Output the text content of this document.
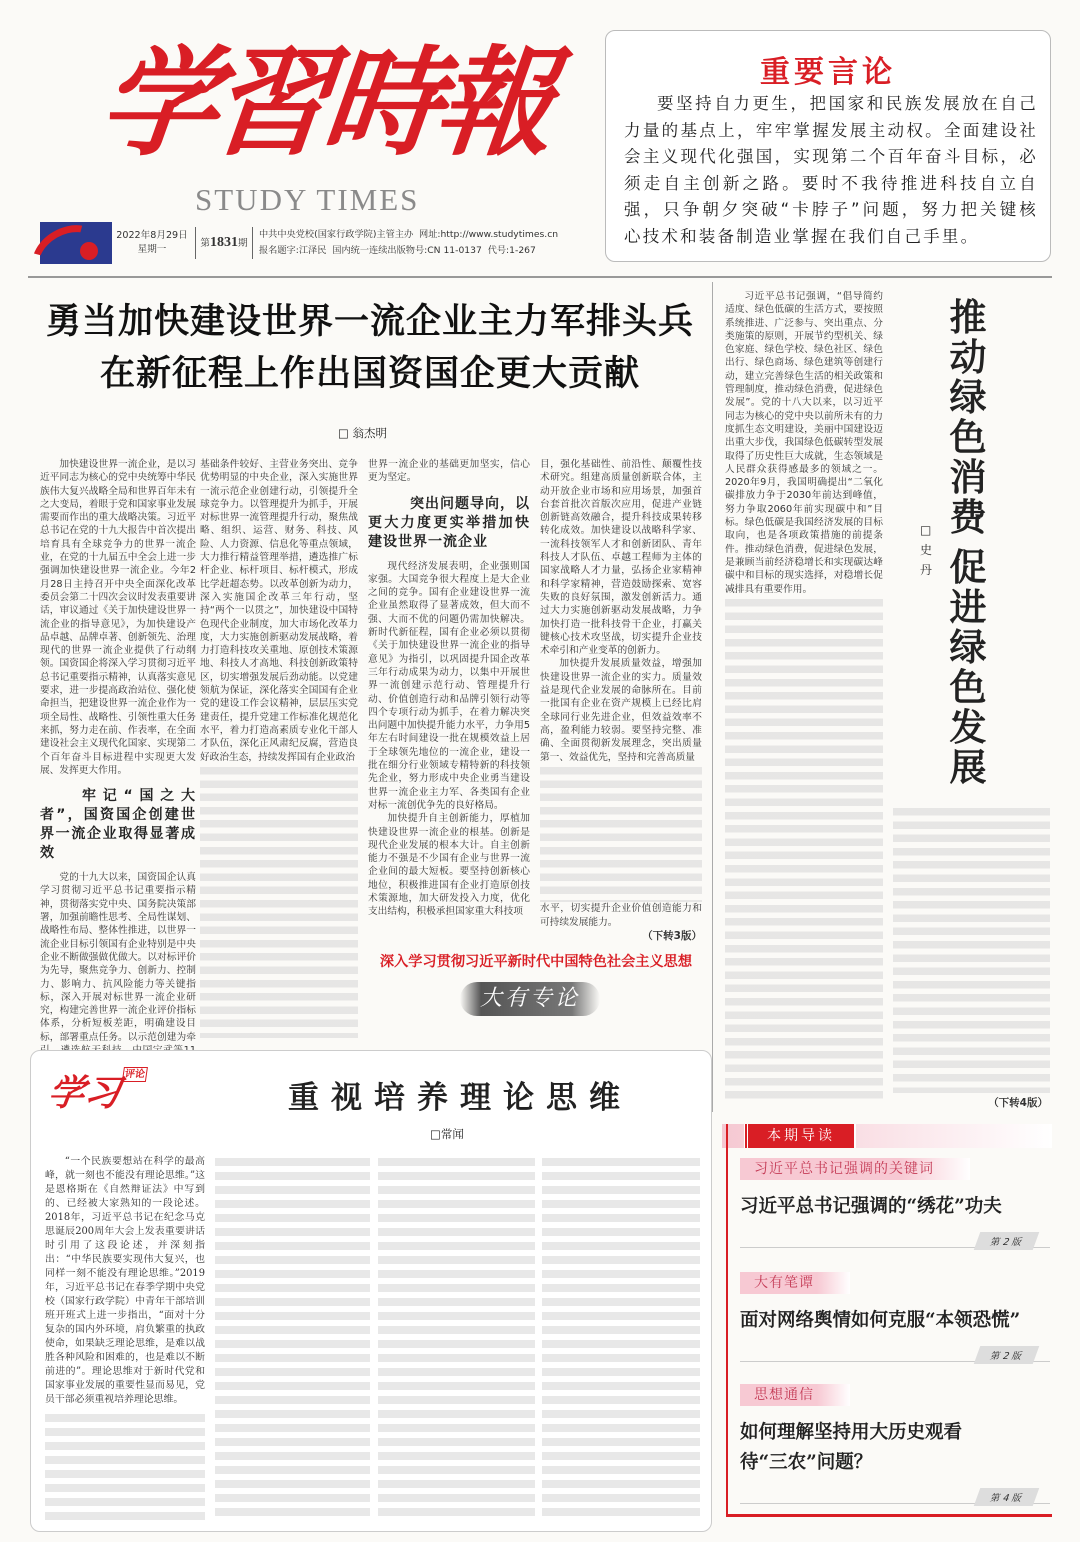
学習時報
STUDY TIMES
2022年8月29日
星期一
第1831期
中共中央党校(国家行政学院)主管主办 网址:http://www.studytimes.cn
报名题字:江泽民 国内统一连续出版物号:CN 11-0137 代号:1-267
重要言论
要坚持自力更生，把国家和民族发展放在自己力量的基点上，牢牢掌握发展主动权。全面建设社会主义现代化强国，实现第二个百年奋斗目标，必须走自主创新之路。要时不我待推进科技自立自强，只争朝夕突破“卡脖子”问题，努力把关键核心技术和装备制造业掌握在我们自己手里。
勇当加快建设世界一流企业主力军排头兵
在新征程上作出国资国企更大贡献
□ 翁杰明

加快建设世界一流企业，是以习近平同志为核心的党中央统筹中华民族伟大复兴战略全局和世界百年未有之大变局，着眼于党和国家事业发展需要而作出的重大战略决策。习近平总书记在党的十九大报告中首次提出培育具有全球竞争力的世界一流企业，在党的十九届五中全会上进一步强调加快建设世界一流企业。今年2月28日主持召开中央全面深化改革委员会第二十四次会议时发表重要讲话，审议通过《关于加快建设世界一流企业的指导意见》，为加快建设产品卓越、品牌卓著、创新领先、治理现代的世界一流企业提供了行动纲领。国资国企将深入学习贯彻习近平总书记重要指示精神，认真落实意见要求，进一步提高政治站位、强化使命担当，把建设世界一流企业作为一项全局性、战略性、引领性重大任务来抓，努力走在前、作表率，在全面建设社会主义现代化国家、实现第二个百年奋斗目标进程中实现更大发展、发挥更大作用。

牢记“国之大者”，国资国企创建世界一流企业取得显著成效

党的十九大以来，国资国企认真学习贯彻习近平总书记重要指示精神，贯彻落实党中央、国务院决策部署，加强前瞻性思考、全局性谋划、战略性布局、整体性推进，以世界一流企业目标引领国有企业特别是中央企业不断做强做优做大。以对标评价为先导，聚焦竞争力、创新力、控制力、影响力、抗风险能力等关键指标，深入开展对标世界一流企业研究，构建完善世界一流企业评价指标体系，分析短板差距，明确建设目标，部署重点任务。以示范创建为牵

基础条件较好、主营业务突出、竞争优势明显的中央企业，深入实施世界一流示范企业创建行动，引领提升全球竞争力。以管理提升为抓手，开展对标世界一流管理提升行动，聚焦战略、组织、运营、财务、科技、风险、人力资源、信息化等重点领域，大力推行精益管理举措，遴选推广标杆企业、标杆项目、标杆模式，形成比学赶超态势。以改革创新为动力，深入实施国企改革三年行动，坚持“两个一以贯之”，加快建设中国特色现代企业制度，加大市场化改革力度，大力实施创新驱动发展战略，着力打造科技攻关重地、原创技术策源地、科技人才高地、科技创新政策特区，切实增强发展后劲动能。以党建领航为保证，深化落实全国国有企业党的建设工作会议精神，层层压实党建责任，提升党建工作标准化规范化水平，着力打造高素质专业化干部人才队伍，深化正风肃纪反腐，营造良好政治生态，持续发挥国有企业政治

世界一流企业的基础更加坚实，信心更为坚定。

突出问题导向，以更大力度更实举措加快建设世界一流企业

现代经济发展表明，企业强则国家强。大国竞争很大程度上是大企业之间的竞争。国有企业建设世界一流企业虽然取得了显著成效，但大而不强、大而不优的问题仍需加快解决。新时代新征程，国有企业必须以贯彻《关于加快建设世界一流企业的指导意见》为指引，以巩固提升国企改革三年行动成果为动力，以集中开展世界一流创建示范行动、管理提升行动、价值创造行动和品牌引领行动等四个专项行动为抓手，在着力解决突出问题中加快提升能力水平，力争用5年左右时间建设一批在规模效益上居于全球领先地位的一流企业，建设一批在细分行业领域专精特新的科技领先企业，努力形成中央企业勇当建设世界一流企业主力军、各类国有企业对标一流创优争先的良好格局。

加快提升自主创新能力，厚植加快建设世界一流企业的根基。创新是现代企业发展的根本大计。自主创新能力不强是不少国有企业与世界一流企业间的最大短板。要坚持创新核心地位，积极推进国有企业打造原创技术策源地，加大研发投入力度，优化支出结构，积极承担国家重大科技项

目，强化基础性、前沿性、颠覆性技术研究。组建高质量创新联合体，主动开放企业市场和应用场景，加强首台套首批次首版次应用，促进产业链创新链高效融合，提升科技成果转移转化成效。加快建设以战略科学家、一流科技领军人才和创新团队、青年科技人才队伍、卓越工程师为主体的国家战略人才力量，弘扬企业家精神和科学家精神，营造鼓励探索、宽容失败的良好氛围，激发创新活力。通过大力实施创新驱动发展战略，力争加快打造一批科技骨干企业，打赢关键核心技术攻坚战，切实提升企业技术牵引和产业变革的创新力。

加快提升发展质量效益，增强加快建设世界一流企业的实力。质量效益是现代企业发展的命脉所在。目前一批国有企业在资产规模上已经比肩全球同行业先进企业，但效益效率不高，盈利能力较弱。要坚持完整、准确、全面贯彻新发展理念，突出质量第一、效益优先，坚持和完善高质量

水平，切实提升企业价值创造能力和可持续发展能力。

（下转3版）
深入学习贯彻习近平新时代中国特色社会主义思想
大有专论

习近平总书记强调，“倡导简约适度、绿色低碳的生活方式，要按照系统推进、广泛参与、突出重点、分类施策的原则，开展节约型机关、绿色家庭、绿色学校、绿色社区、绿色出行、绿色商场、绿色建筑等创建行动，建立完善绿色生活的相关政策和管理制度，推动绿色消费，促进绿色发展”。党的十八大以来，以习近平同志为核心的党中央以前所未有的力度抓生态文明建设，美丽中国建设迈出重大步伐，我国绿色低碳转型发展取得了历史性巨大成就，生态领域是人民群众获得感最多的领域之一。2020年9月，我国明确提出“二氧化碳排放力争于2030年前达到峰值，努力争取2060年前实现碳中和”目标。绿色低碳是我国经济发展的目标取向，也是各项政策措施的前提条件。推动绿色消费，促进绿色发展，是兼顾当前经济稳增长和实现碳达峰碳中和目标的现实选择，对稳增长促减排具有重要作用。

推动绿色消费
促进绿色发展
□史丹
（下转4版）
学习$^{评论}$
重视培养理论思维
□常闻

“一个民族要想站在科学的最高峰，就一刻也不能没有理论思维。”这是恩格斯在《自然辩证法》中写到的、已经被大家熟知的一段论述。2018年，习近平总书记在纪念马克思诞辰200周年大会上发表重要讲话时引用了这段论述，并深刻指出：“中华民族要实现伟大复兴，也同样一刻不能没有理论思维。”2019年，习近平总书记在春季学期中央党校（国家行政学院）中青年干部培训班开班式上进一步指出，“面对十分复杂的国内外环境，肩负繁重的执政使命，如果缺乏理论思维，是难以战胜各种风险和困难的，也是难以不断前进的”。理论思维对于新时代党和国家事业发展的重要性显而易见，党员干部必须重视培养理论思维。

本期导读
习近平总书记强调的关键词
习近平总书记强调的“绣花”功夫
第 2 版
大有笔谭
面对网络舆情如何克服“本领恐慌”
第 2 版
思想通信
如何理解坚持用大历史观看待“三农”问题？
第 4 版
